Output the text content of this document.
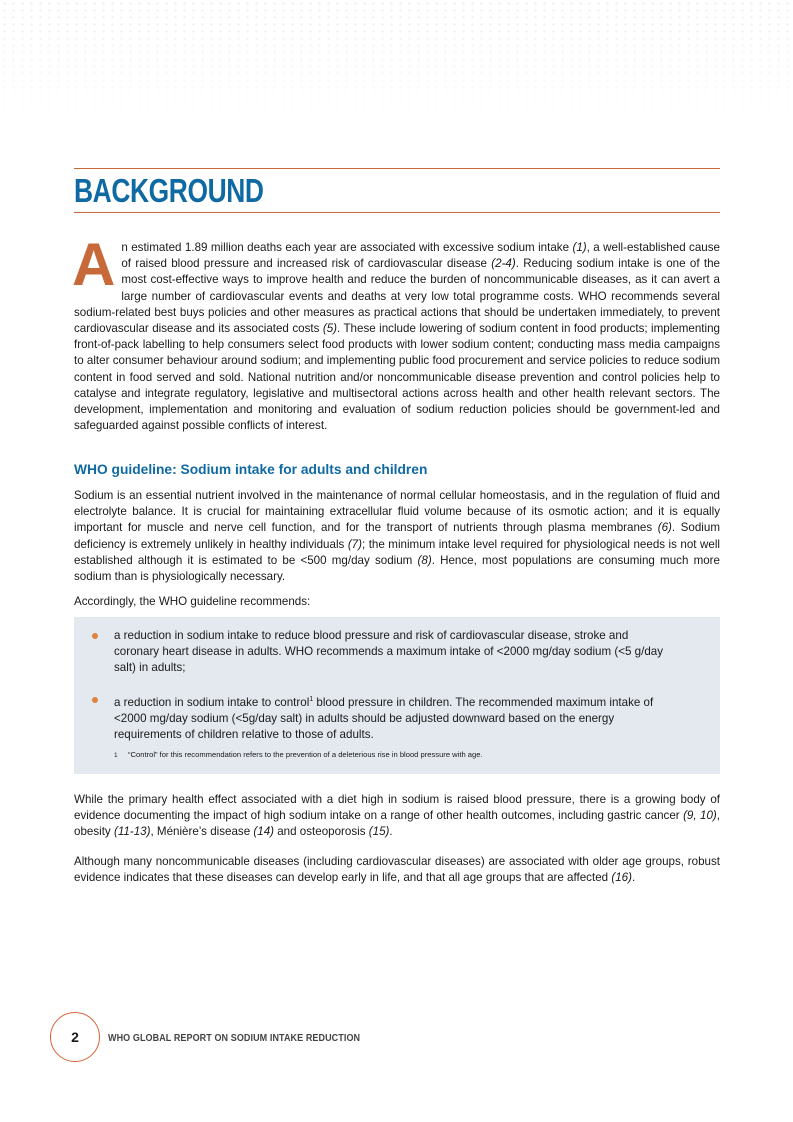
BACKGROUND
An estimated 1.89 million deaths each year are associated with excessive sodium intake (1), a well-established cause of raised blood pressure and increased risk of cardiovascular disease (2-4). Reducing sodium intake is one of the most cost-effective ways to improve health and reduce the burden of noncommunicable diseases, as it can avert a large number of cardiovascular events and deaths at very low total programme costs. WHO recommends several sodium-related best buys policies and other measures as practical actions that should be undertaken immediately, to prevent cardiovascular disease and its associated costs (5). These include lowering of sodium content in food products; implementing front-of-pack labelling to help consumers select food products with lower sodium content; conducting mass media campaigns to alter consumer behaviour around sodium; and implementing public food procurement and service policies to reduce sodium content in food served and sold. National nutrition and/or noncommunicable disease prevention and control policies help to catalyse and integrate regulatory, legislative and multisectoral actions across health and other health relevant sectors. The development, implementation and monitoring and evaluation of sodium reduction policies should be government-led and safeguarded against possible conflicts of interest.
WHO guideline: Sodium intake for adults and children
Sodium is an essential nutrient involved in the maintenance of normal cellular homeostasis, and in the regulation of fluid and electrolyte balance. It is crucial for maintaining extracellular fluid volume because of its osmotic action; and it is equally important for muscle and nerve cell function, and for the transport of nutrients through plasma membranes (6). Sodium deficiency is extremely unlikely in healthy individuals (7); the minimum intake level required for physiological needs is not well established although it is estimated to be <500 mg/day sodium (8). Hence, most populations are consuming much more sodium than is physiologically necessary.
Accordingly, the WHO guideline recommends:
a reduction in sodium intake to reduce blood pressure and risk of cardiovascular disease, stroke and coronary heart disease in adults. WHO recommends a maximum intake of <2000 mg/day sodium (<5 g/day salt) in adults;
a reduction in sodium intake to control$^1$ blood pressure in children. The recommended maximum intake of <2000 mg/day sodium (<5g/day salt) in adults should be adjusted downward based on the energy requirements of children relative to those of adults.
1 “Control” for this recommendation refers to the prevention of a deleterious rise in blood pressure with age.
While the primary health effect associated with a diet high in sodium is raised blood pressure, there is a growing body of evidence documenting the impact of high sodium intake on a range of other health outcomes, including gastric cancer (9, 10), obesity (11-13), Ménière’s disease (14) and osteoporosis (15).
Although many noncommunicable diseases (including cardiovascular diseases) are associated with older age groups, robust evidence indicates that these diseases can develop early in life, and that all age groups that are affected (16).
2	WHO GLOBAL REPORT ON SODIUM INTAKE REDUCTION
